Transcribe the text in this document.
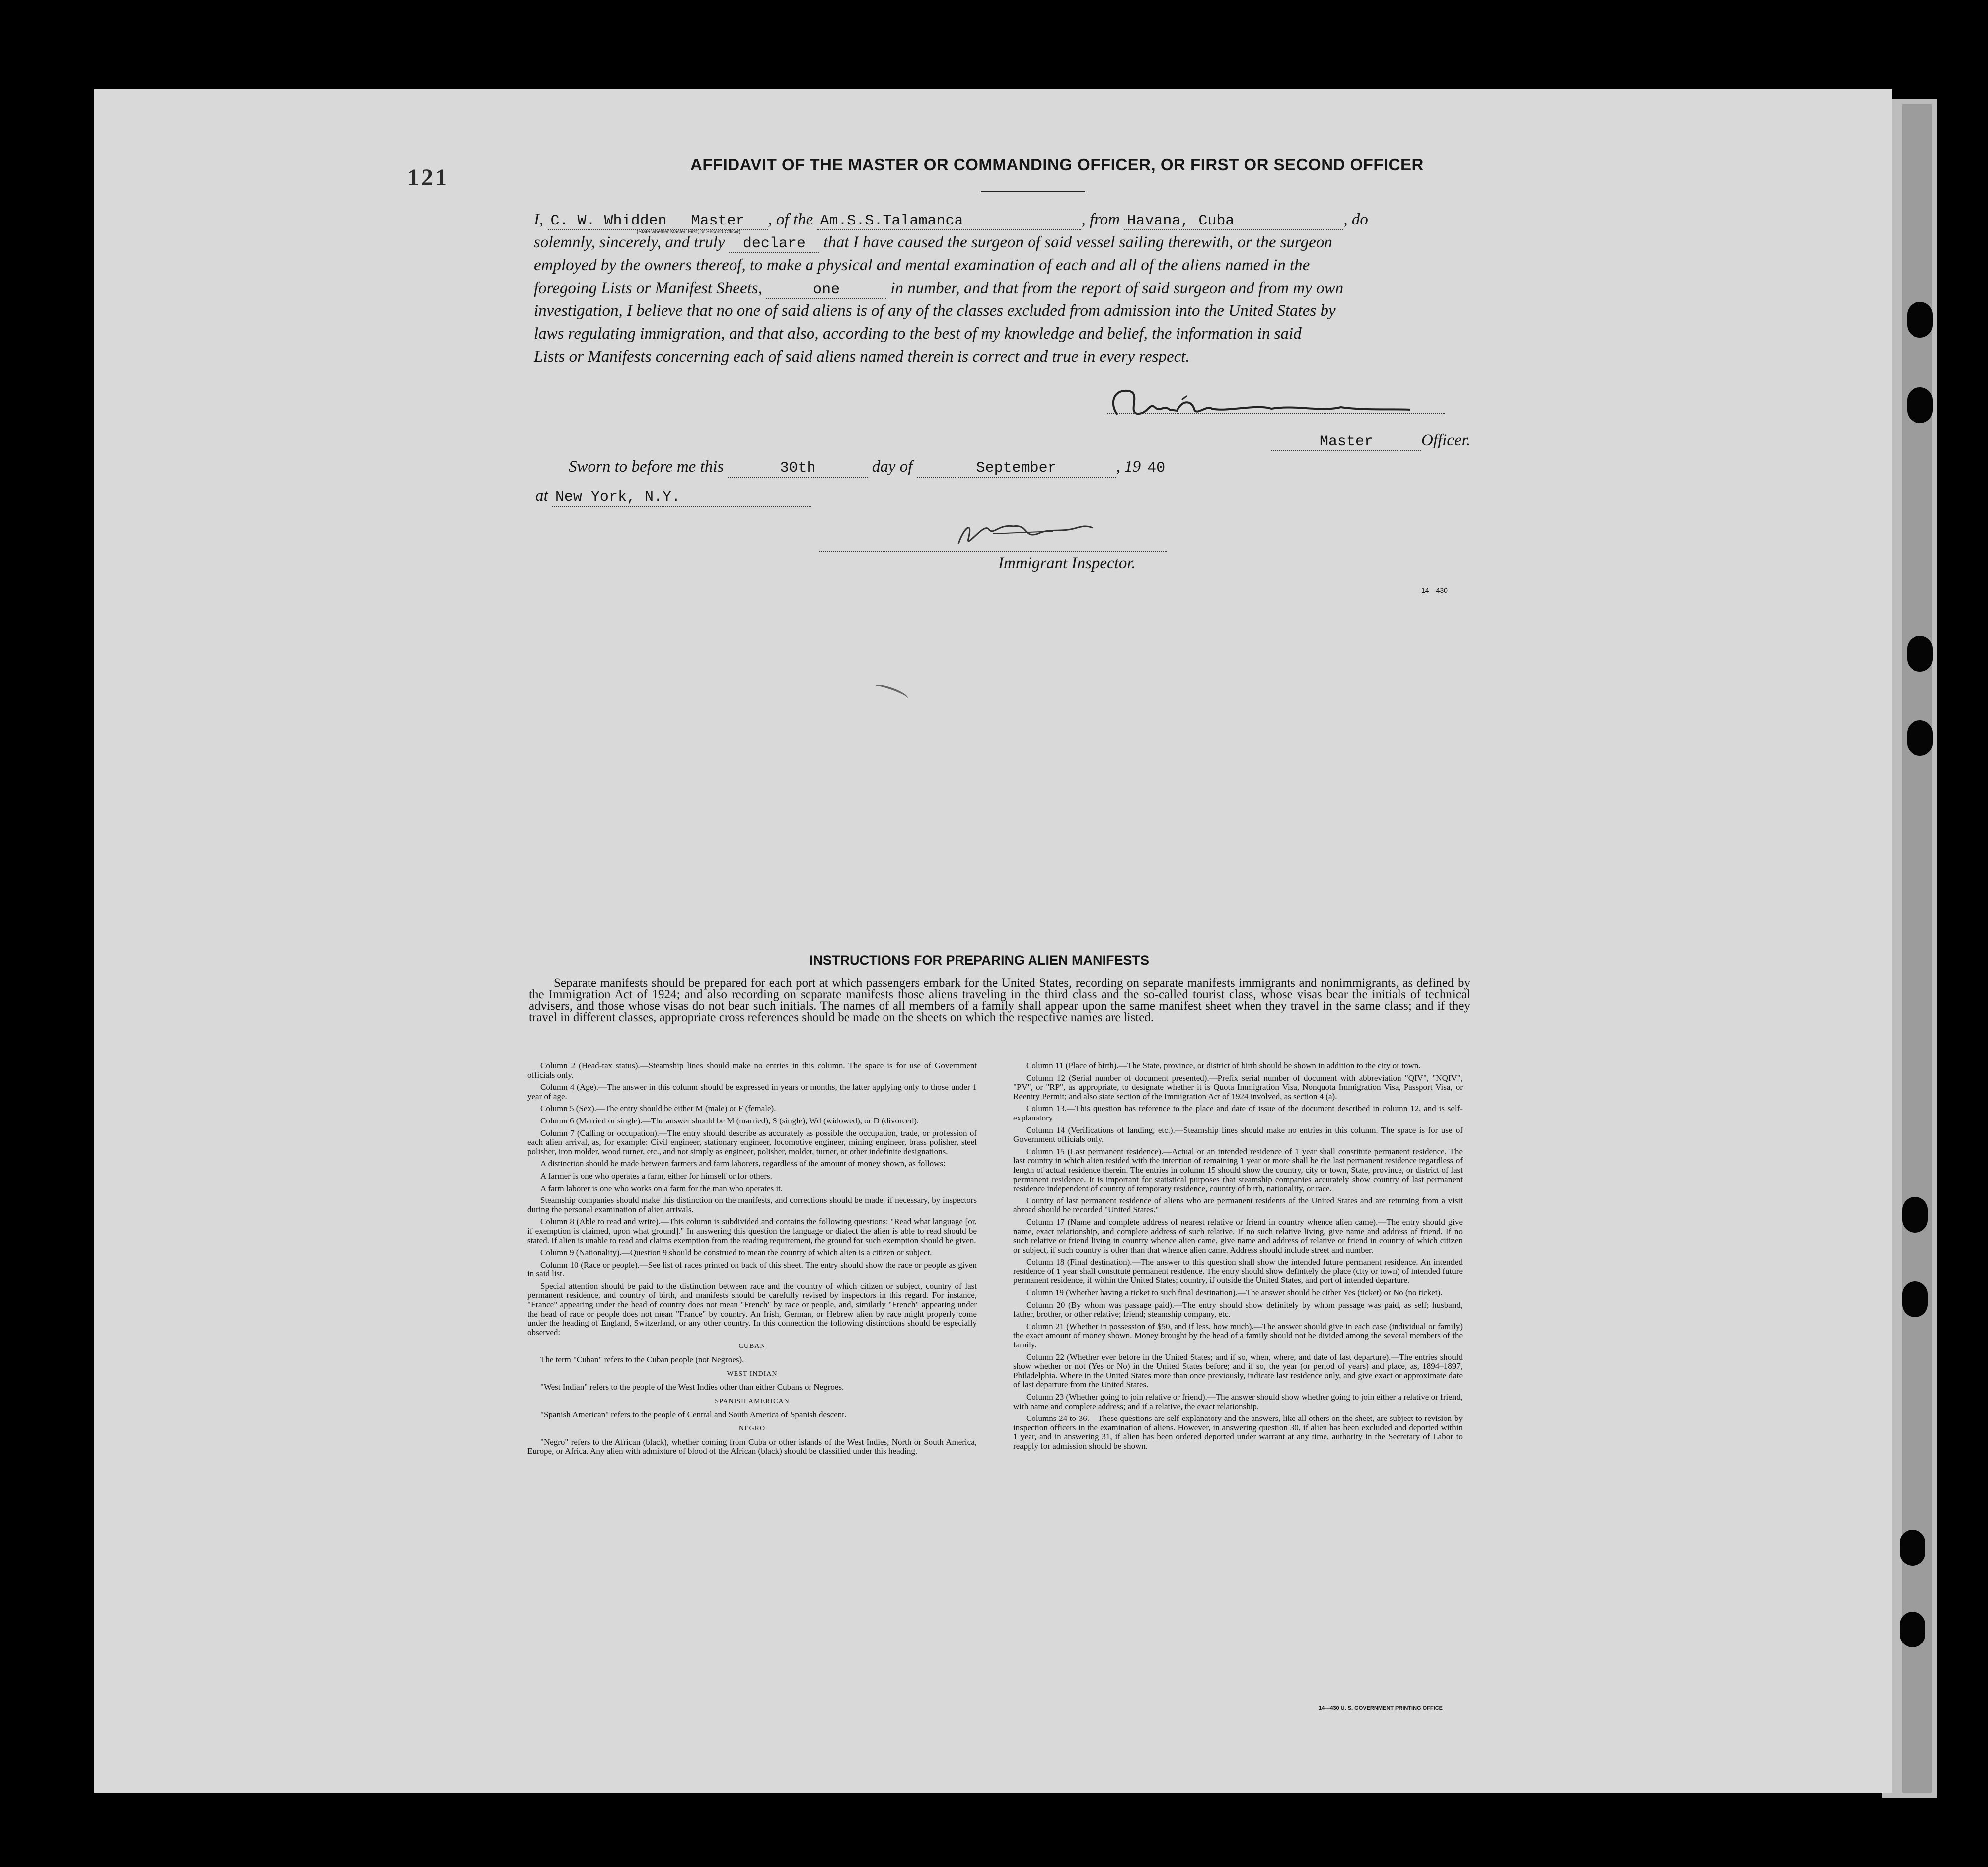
121	AFFIDAVIT OF THE MASTER OR COMMANDING OFFICER, OR FIRST OR SECOND OFFICER
I, C. W. Whidden Master , of the Am.S.S.Talamanca	, from Havana, Cuba	, do
(State whether Master, First, or Second Officer)
solemnly, sincerely, and truly declare that I have caused the surgeon of said vessel sailing therewith, or the surgeon
employed by the owners thereof, to make a physical and mental examination of each and all of the aliens named in the
foregoing Lists or Manifest Sheets,	one	in number, and that from the report of said surgeon and from my own
investigation, I believe that no one of said aliens is of any of the classes excluded from admission into the United States by
laws regulating immigration, and that also, according to the best of my knowledge and belief, the information in said
Lists or Manifests concerning each of said aliens named therein is correct and true in every respect.
Master	Officer.
Sworn to before me this	30th	day of	September	, 19 40
at New York, N.Y.
Immigrant Inspector.
14—430
INSTRUCTIONS FOR PREPARING ALIEN MANIFESTS
Separate manifests should be prepared for each port at which passengers embark for the United States, recording on separate manifests immigrants and nonimmigrants, as defined by the Immigration Act of 1924; and also recording on separate manifests those aliens traveling in the third class and the so-called tourist class, whose visas bear the initials of technical advisers, and those whose visas do not bear such initials. The names of all members of a family shall appear upon the same manifest sheet when they travel in the same class; and if they travel in different classes, appropriate cross references should be made on the sheets on which the respective names are listed.

Column 2 (Head-tax status).—Steamship lines should make no entries in this column. The space is for use of Government officials only.

Column 4 (Age).—The answer in this column should be expressed in years or months, the latter applying only to those under 1 year of age.

Column 5 (Sex).—The entry should be either M (male) or F (female).

Column 6 (Married or single).—The answer should be M (married), S (single), Wd (widowed), or D (divorced).

Column 7 (Calling or occupation).—The entry should describe as accurately as possible the occupation, trade, or profession of each alien arrival, as, for example: Civil engineer, stationary engineer, locomotive engineer, mining engineer, brass polisher, steel polisher, iron molder, wood turner, etc., and not simply as engineer, polisher, molder, turner, or other indefinite designations.

A distinction should be made between farmers and farm laborers, regardless of the amount of money shown, as follows:

A farmer is one who operates a farm, either for himself or for others.

A farm laborer is one who works on a farm for the man who operates it.

Steamship companies should make this distinction on the manifests, and corrections should be made, if necessary, by inspectors during the personal examination of alien arrivals.

Column 8 (Able to read and write).—This column is subdivided and contains the following questions: "Read what language [or, if exemption is claimed, upon what ground]." In answering this question the language or dialect the alien is able to read should be stated. If alien is unable to read and claims exemption from the reading requirement, the ground for such exemption should be given.

Column 9 (Nationality).—Question 9 should be construed to mean the country of which alien is a citizen or subject.

Column 10 (Race or people).—See list of races printed on back of this sheet. The entry should show the race or people as given in said list.

Special attention should be paid to the distinction between race and the country of which citizen or subject, country of last permanent residence, and country of birth, and manifests should be carefully revised by inspectors in this regard. For instance, "France" appearing under the head of country does not mean "French" by race or people, and, similarly "French" appearing under the head of race or people does not mean "France" by country. An Irish, German, or Hebrew alien by race might properly come under the heading of England, Switzerland, or any other country. In this connection the following distinctions should be especially observed:

CUBAN

The term "Cuban" refers to the Cuban people (not Negroes).

WEST INDIAN

"West Indian" refers to the people of the West Indies other than either Cubans or Negroes.

SPANISH AMERICAN

"Spanish American" refers to the people of Central and South America of Spanish descent.

NEGRO

"Negro" refers to the African (black), whether coming from Cuba or other islands of the West Indies, North or South America, Europe, or Africa. Any alien with admixture of blood of the African (black) should be classified under this heading.

Column 11 (Place of birth).—The State, province, or district of birth should be shown in addition to the city or town.

Column 12 (Serial number of document presented).—Prefix serial number of document with abbreviation "QIV", "NQIV", "PV", or "RP", as appropriate, to designate whether it is Quota Immigration Visa, Nonquota Immigration Visa, Passport Visa, or Reentry Permit; and also state section of the Immigration Act of 1924 involved, as section 4 (a).

Column 13.—This question has reference to the place and date of issue of the document described in column 12, and is self-explanatory.

Column 14 (Verifications of landing, etc.).—Steamship lines should make no entries in this column. The space is for use of Government officials only.

Column 15 (Last permanent residence).—Actual or an intended residence of 1 year shall constitute permanent residence. The last country in which alien resided with the intention of remaining 1 year or more shall be the last permanent residence regardless of length of actual residence therein. The entries in column 15 should show the country, city or town, State, province, or district of last permanent residence. It is important for statistical purposes that steamship companies accurately show country of last permanent residence independent of country of temporary residence, country of birth, nationality, or race.

Country of last permanent residence of aliens who are permanent residents of the United States and are returning from a visit abroad should be recorded "United States."

Column 17 (Name and complete address of nearest relative or friend in country whence alien came).—The entry should give name, exact relationship, and complete address of such relative. If no such relative living, give name and address of friend. If no such relative or friend living in country whence alien came, give name and address of relative or friend in country of which citizen or subject, if such country is other than that whence alien came. Address should include street and number.

Column 18 (Final destination).—The answer to this question shall show the intended future permanent residence. An intended residence of 1 year shall constitute permanent residence. The entry should show definitely the place (city or town) of intended future permanent residence, if within the United States; country, if outside the United States, and port of intended departure.

Column 19 (Whether having a ticket to such final destination).—The answer should be either Yes (ticket) or No (no ticket).

Column 20 (By whom was passage paid).—The entry should show definitely by whom passage was paid, as self; husband, father, brother, or other relative; friend; steamship company, etc.

Column 21 (Whether in possession of $50, and if less, how much).—The answer should give in each case (individual or family) the exact amount of money shown. Money brought by the head of a family should not be divided among the several members of the family.

Column 22 (Whether ever before in the United States; and if so, when, where, and date of last departure).—The entries should show whether or not (Yes or No) in the United States before; and if so, the year (or period of years) and place, as, 1894–1897, Philadelphia. Where in the United States more than once previously, indicate last residence only, and give exact or approximate date of last departure from the United States.

Column 23 (Whether going to join relative or friend).—The answer should show whether going to join either a relative or friend, with name and complete address; and if a relative, the exact relationship.

Columns 24 to 36.—These questions are self-explanatory and the answers, like all others on the sheet, are subject to revision by inspection officers in the examination of aliens. However, in answering question 30, if alien has been excluded and deported within 1 year, and in answering 31, if alien has been ordered deported under warrant at any time, authority in the Secretary of Labor to reapply for admission should be shown.

14—430 U. S. GOVERNMENT PRINTING OFFICE
